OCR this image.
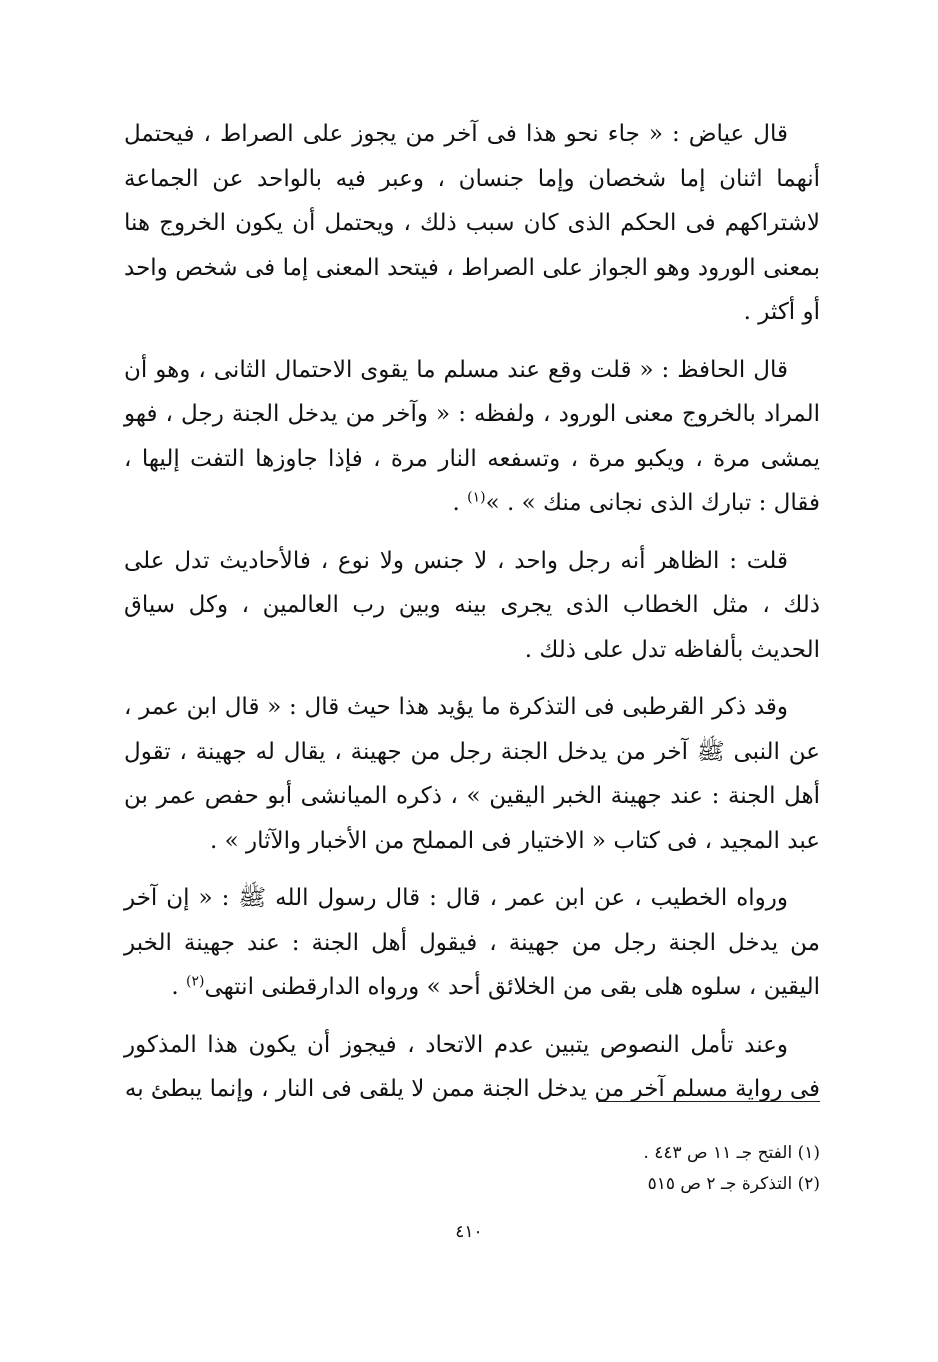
قال عياض : « جاء نحو هذا فى آخر من يجوز على الصراط ، فيحتمل أنهما اثنان إما شخصان وإما جنسان ، وعبر فيه بالواحد عن الجماعة لاشتراكهم فى الحكم الذى كان سبب ذلك ، ويحتمل أن يكون الخروج هنا بمعنى الورود وهو الجواز على الصراط ، فيتحد المعنى إما فى شخص واحد أو أكثر .

قال الحافظ : « قلت وقع عند مسلم ما يقوى الاحتمال الثانى ، وهو أن المراد بالخروج معنى الورود ، ولفظه : « وآخر من يدخل الجنة رجل ، فهو يمشى مرة ، ويكبو مرة ، وتسفعه النار مرة ، فإذا جاوزها التفت إليها ، فقال : تبارك الذى نجانى منك » . »$^{(١)}$ .

قلت : الظاهر أنه رجل واحد ، لا جنس ولا نوع ، فالأحاديث تدل على ذلك ، مثل الخطاب الذى يجرى بينه وبين رب العالمين ، وكل سياق الحديث بألفاظه تدل على ذلك .

وقد ذكر القرطبى فى التذكرة ما يؤيد هذا حيث قال : « قال ابن عمر ، عن النبى ﷺ آخر من يدخل الجنة رجل من جهينة ، يقال له جهينة ، تقول أهل الجنة : عند جهينة الخبر اليقين » ، ذكره الميانشى أبو حفص عمر بن عبد المجيد ، فى كتاب « الاختيار فى المملح من الأخبار والآثار » .

ورواه الخطيب ، عن ابن عمر ، قال : قال رسول الله ﷺ : « إن آخر من يدخل الجنة رجل من جهينة ، فيقول أهل الجنة : عند جهينة الخبر اليقين ، سلوه هلى بقى من الخلائق أحد » ورواه الدارقطنى انتهى$^{(٢)}$ .

وعند تأمل النصوص يتبين عدم الاتحاد ، فيجوز أن يكون هذا المذكور فى رواية مسلم آخر من يدخل الجنة ممن لا يلقى فى النار ، وإنما يبطئ به

(١) الفتح جـ ١١ ص ٤٤٣ .

(٢) التذكرة جـ ٢ ص ٥١٥

٤١٠
